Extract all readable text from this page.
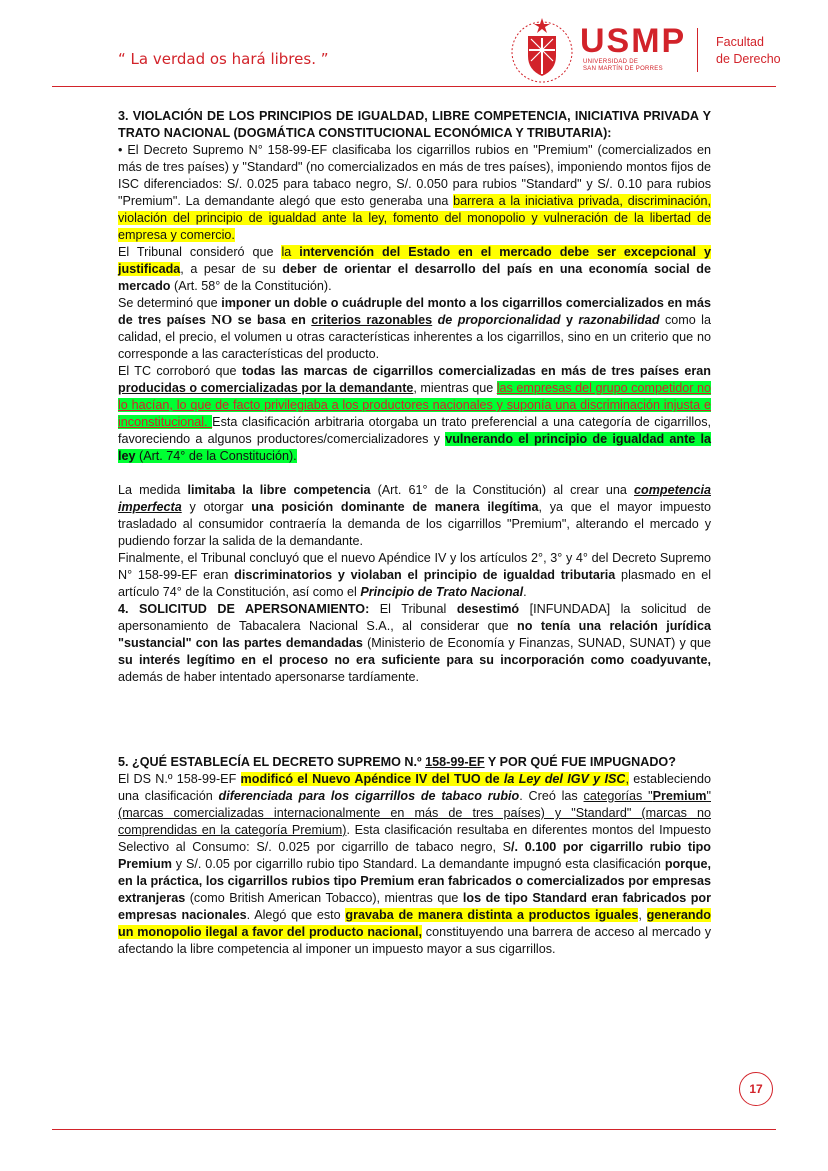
“ La verdad os hará libres. ”	USMP
UNIVERSIDAD DE
SAN MARTÍN DE PORRES
Facultad
de Derecho

3. VIOLACIÓN DE LOS PRINCIPIOS DE IGUALDAD, LIBRE COMPETENCIA, INICIATIVA PRIVADA Y TRATO NACIONAL (DOGMÁTICA CONSTITUCIONAL ECONÓMICA Y TRIBUTARIA):

• El Decreto Supremo N° 158-99-EF clasificaba los cigarrillos rubios en "Premium" (comercializados en más de tres países) y "Standard" (no comercializados en más de tres países), imponiendo montos fijos de ISC diferenciados: S/. 0.025 para tabaco negro, S/. 0.050 para rubios "Standard" y S/. 0.10 para rubios "Premium". La demandante alegó que esto generaba una barrera a la iniciativa privada, discriminación, violación del principio de igualdad ante la ley, fomento del monopolio y vulneración de la libertad de empresa y comercio.

El Tribunal consideró que la intervención del Estado en el mercado debe ser excepcional y justificada, a pesar de su deber de orientar el desarrollo del país en una economía social de mercado (Art. 58° de la Constitución).

Se determinó que imponer un doble o cuádruple del monto a los cigarrillos comercializados en más de tres países NO se basa en criterios razonables de proporcionalidad y razonabilidad como la calidad, el precio, el volumen u otras características inherentes a los cigarrillos, sino en un criterio que no corresponde a las características del producto.

El TC corroboró que todas las marcas de cigarrillos comercializadas en más de tres países eran producidas o comercializadas por la demandante, mientras que las empresas del grupo competidor no lo hacían, lo que de facto privilegiaba a los productores nacionales y suponía una discriminación injusta e inconstitucional. Esta clasificación arbitraria otorgaba un trato preferencial a una categoría de cigarrillos, favoreciendo a algunos productores/comercializadores y vulnerando el principio de igualdad ante la ley (Art. 74° de la Constitución).

La medida limitaba la libre competencia (Art. 61° de la Constitución) al crear una competencia imperfecta y otorgar una posición dominante de manera ilegítima, ya que el mayor impuesto trasladado al consumidor contraería la demanda de los cigarrillos "Premium", alterando el mercado y pudiendo forzar la salida de la demandante.

Finalmente, el Tribunal concluyó que el nuevo Apéndice IV y los artículos 2°, 3° y 4° del Decreto Supremo N° 158-99-EF eran discriminatorios y violaban el principio de igualdad tributaria plasmado en el artículo 74° de la Constitución, así como el Principio de Trato Nacional.

4. SOLICITUD DE APERSONAMIENTO: El Tribunal desestimó [INFUNDADA] la solicitud de apersonamiento de Tabacalera Nacional S.A., al considerar que no tenía una relación jurídica "sustancial" con las partes demandadas (Ministerio de Economía y Finanzas, SUNAD, SUNAT) y que su interés legítimo en el proceso no era suficiente para su incorporación como coadyuvante, además de haber intentado apersonarse tardíamente.

5. ¿QUÉ ESTABLECÍA EL DECRETO SUPREMO N.º 158-99-EF Y POR QUÉ FUE IMPUGNADO?

El DS N.º 158-99-EF modificó el Nuevo Apéndice IV del TUO de la Ley del IGV y ISC, estableciendo una clasificación diferenciada para los cigarrillos de tabaco rubio. Creó las categorías "Premium" (marcas comercializadas internacionalmente en más de tres países) y "Standard" (marcas no comprendidas en la categoría Premium). Esta clasificación resultaba en diferentes montos del Impuesto Selectivo al Consumo: S/. 0.025 por cigarrillo de tabaco negro, S/. 0.100 por cigarrillo rubio tipo Premium y S/. 0.05 por cigarrillo rubio tipo Standard. La demandante impugnó esta clasificación porque, en la práctica, los cigarrillos rubios tipo Premium eran fabricados o comercializados por empresas extranjeras (como British American Tobacco), mientras que los de tipo Standard eran fabricados por empresas nacionales. Alegó que esto gravaba de manera distinta a productos iguales, generando un monopolio ilegal a favor del producto nacional, constituyendo una barrera de acceso al mercado y afectando la libre competencia al imponer un impuesto mayor a sus cigarrillos.

17
